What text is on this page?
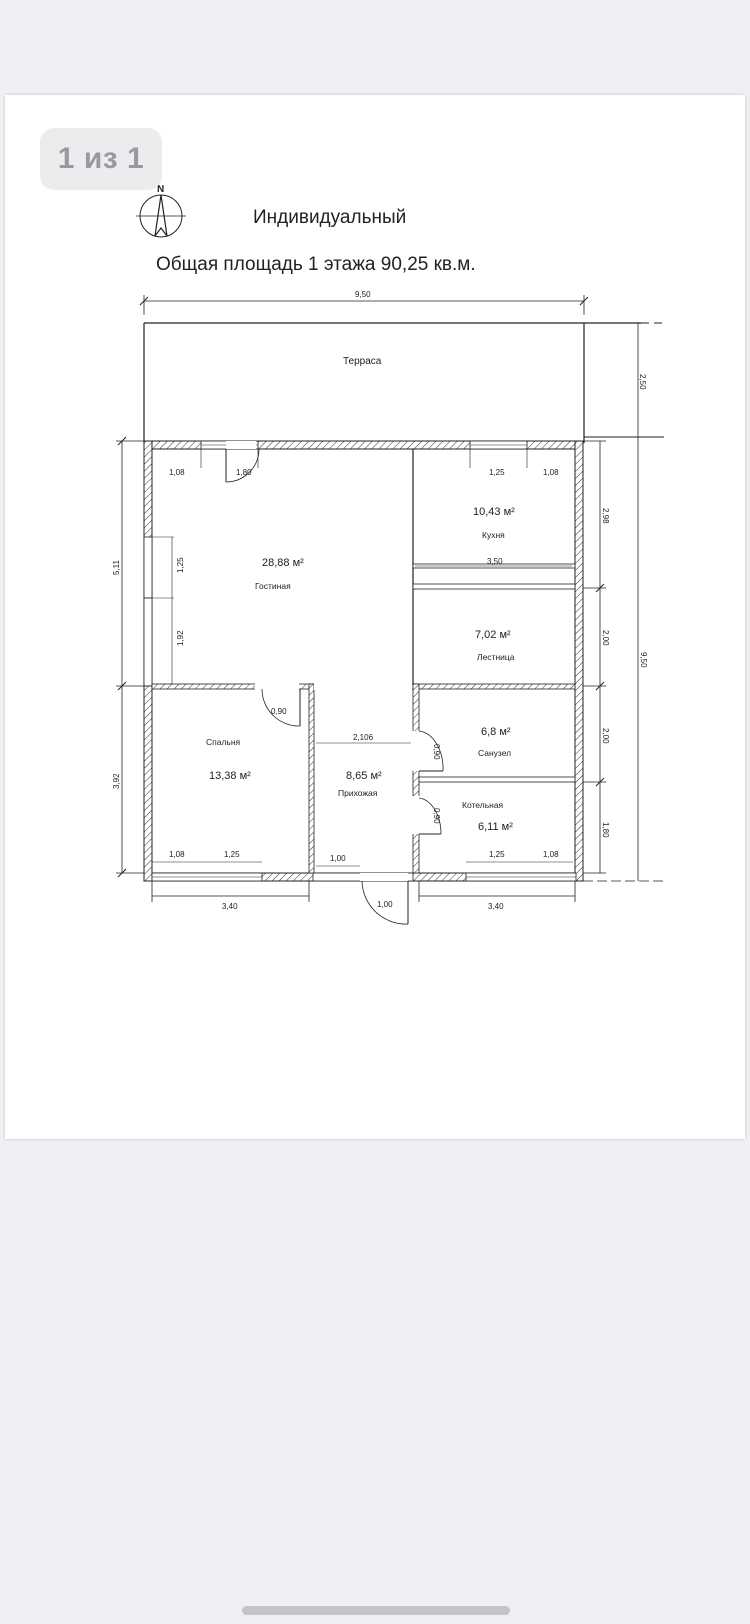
N
Индивидуальный
Общая площадь 1 этажа 90,25 кв.м.
Терраса
9,50
2,50
5,11
3,92
2,98
2,00
2,00
1,80
9,50
3,40	3,40
1,00
28,88 м²
Гостиная
10,43 м²
Кухня
7,02 м²
Лестница
Спальня
13,38 м²	8,65 м²
Прихожая
6,8 м²
Санузел
Котельная
6,11 м²
1,08	1,80	1,25	1,08
3,50
1,25
1,92
0,90
2,106
0,90
0,90
1,08	1,25	1,00	1,25	1,08
1 из 1
